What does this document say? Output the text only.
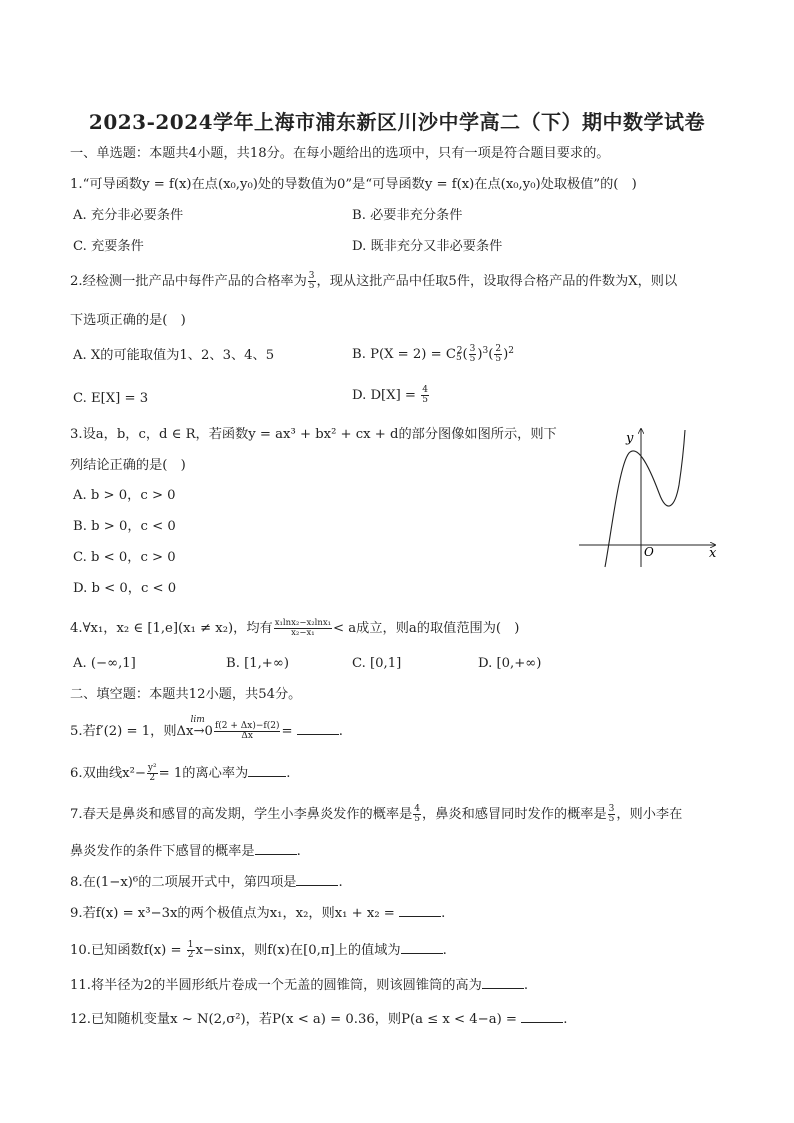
2023-2024学年上海市浦东新区川沙中学高二（下）期中数学试卷
一、单选题：本题共4小题，共18分。在每小题给出的选项中，只有一项是符合题目要求的。
1.“可导函数y = f(x)在点(x₀,y₀)处的导数值为0”是“可导函数y = f(x)在点(x₀,y₀)处取极值”的(　)
A. 充分非必要条件	B. 必要非充分条件
C. 充要条件	D. 既非充分又非必要条件
2.经检测一批产品中每件产品的合格率为 $\frac{3}{5}$ ，现从这批产品中任取5件，设取得合格产品的件数为X，则以
下选项正确的是(　)
A. X的可能取值为1、2、3、4、5	B. $P(X = 2) = C_5^2( \frac{3}{5} )^3( \frac{2}{5} )^2$
C. E[X] = 3	D. $D[X] = \frac{4}{5}$
3.设a，b，c，d ∈ R，若函数y = ax³ + bx² + cx + d的部分图像如图所示，则下
列结论正确的是(　)
A. b > 0，c > 0
B. b > 0，c < 0
C. b < 0，c > 0
D. b < 0，c < 0
y
x
O
4.∀x₁，x₂ ∈ [1,e](x₁ ≠ x₂)，均有 $\frac{\text{x₁lnx₂−x₂lnx₁}}{\text{x₂−x₁}} < a$成立，则a的取值范围为(　)
A. (−∞,1]	B. [1,+∞)	C. [0,1]	D. [0,+∞)
二、填空题：本题共12小题，共54分。
5.若f′(2) = 1，则
lim
$\Delta x\to 0 \frac{f(2 + \Delta x)-f(2)}{\Delta x}$ =	.
6.双曲线$x^2- \frac{\text{y²}}{2} = 1$的离心率为	.
7.春天是鼻炎和感冒的高发期，学生小李鼻炎发作的概率是 $\frac{4}{5}$ ，鼻炎和感冒同时发作的概率是 $\frac{3}{5}$ ，则小李在
鼻炎发作的条件下感冒的概率是	.
8.在(1−x)⁶的二项展开式中，第四项是	.
9.若f(x) = x³−3x的两个极值点为x₁，x₂，则x₁ + x₂ =	.
10.已知函数$f(x) = \frac{1}{2} x-\sin x$，则f(x)在[0,π]上的值域为	.
11.将半径为2的半圆形纸片卷成一个无盖的圆锥筒，则该圆锥筒的高为	.
12.已知随机变量x ~ N(2,σ²)，若P(x < a) = 0.36，则P(a ≤ x < 4−a) =	.
